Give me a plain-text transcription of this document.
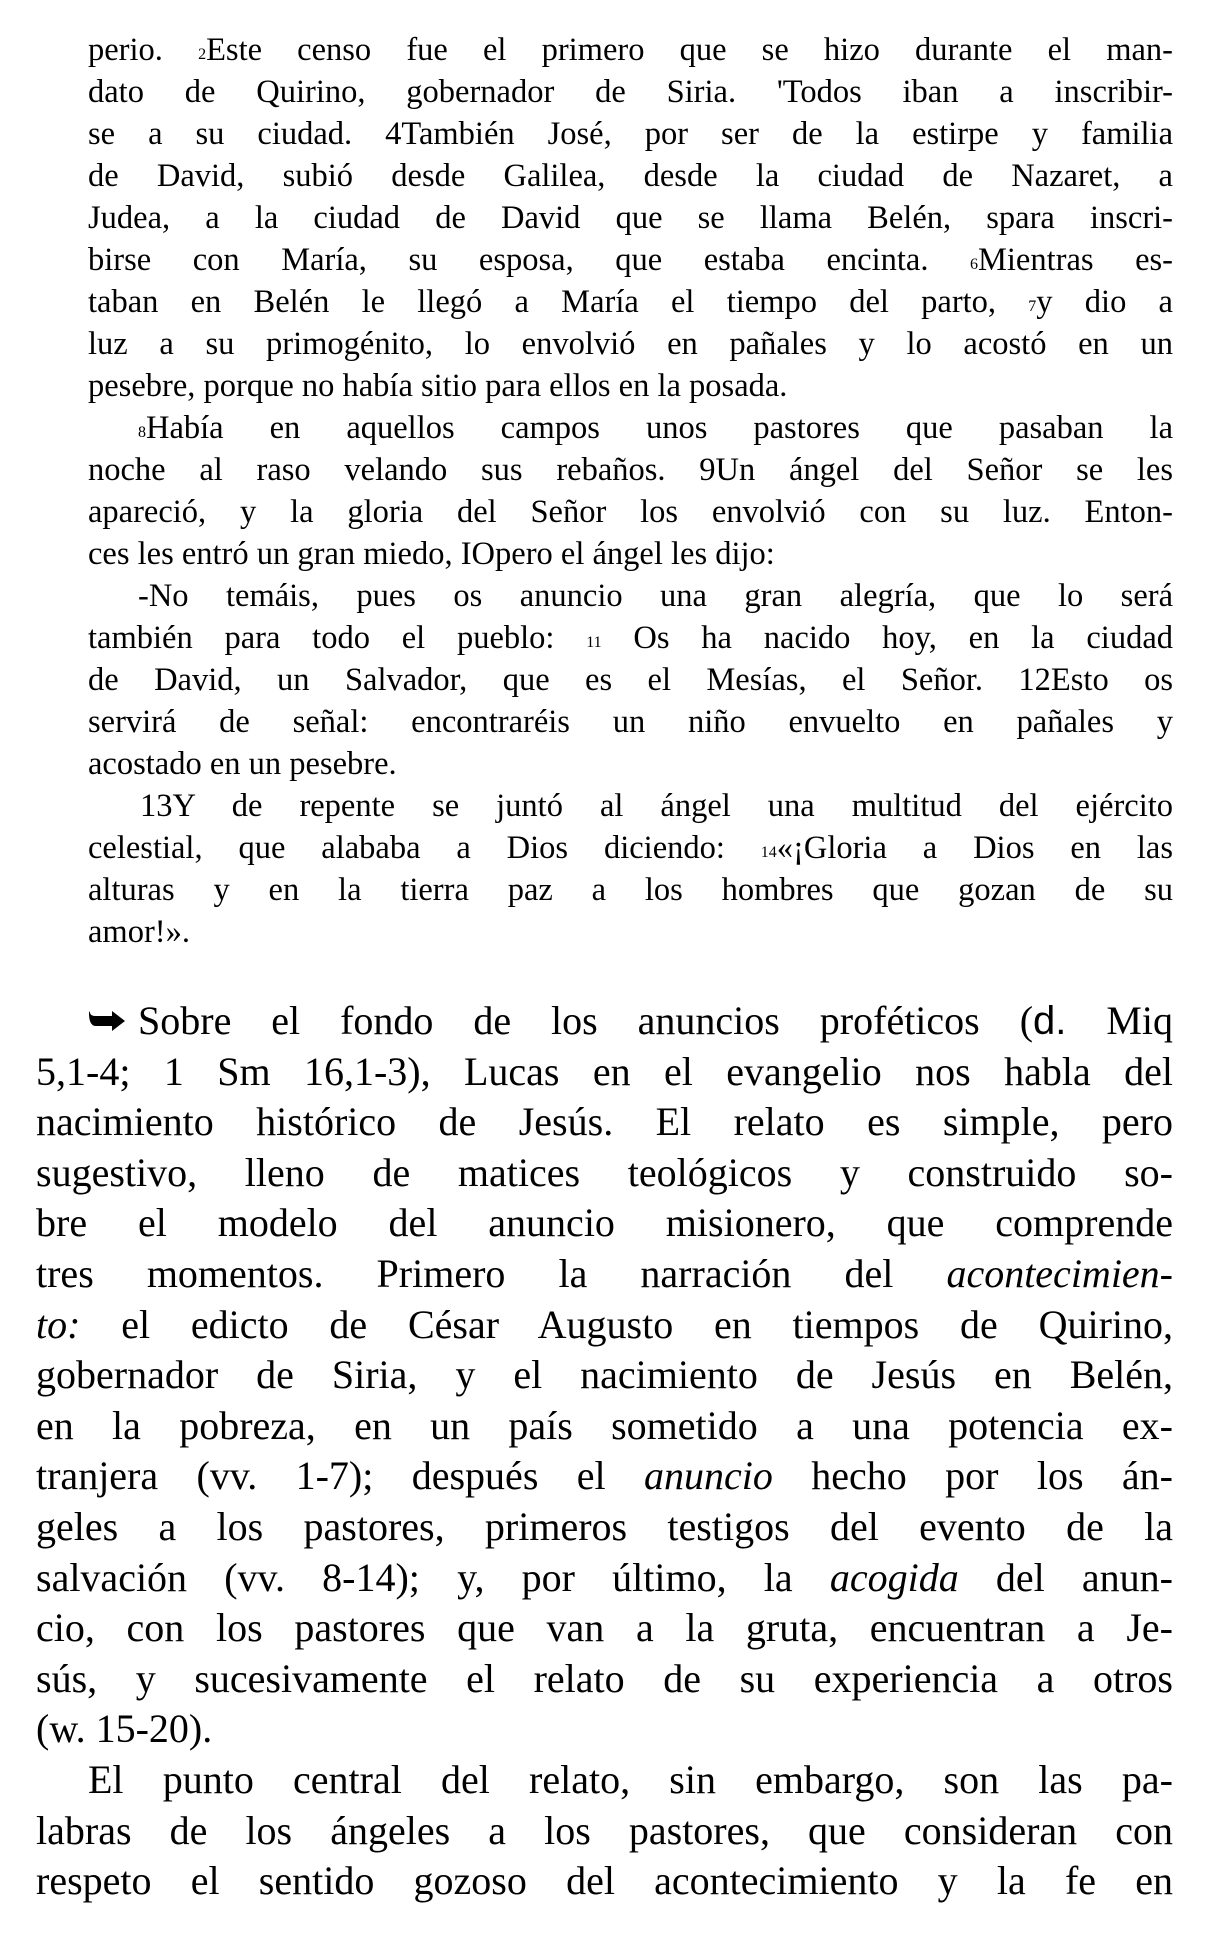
perio. 2Este censo fue el primero que se hizo durante el man-
dato de Quirino, gobernador de Siria. 'Todos iban a inscribir-
se a su ciudad. 4También José, por ser de la estirpe y familia
de David, subió desde Galilea, desde la ciudad de Nazaret, a
Judea, a la ciudad de David que se llama Belén, spara inscri-
birse con María, su esposa, que estaba encinta. 6Mientras es-
taban en Belén le llegó a María el tiempo del parto, 7y dio a
luz a su primogénito, lo envolvió en pañales y lo acostó en un
pesebre, porque no había sitio para ellos en la posada.
8Había en aquellos campos unos pastores que pasaban la
noche al raso velando sus rebaños. 9Un ángel del Señor se les
apareció, y la gloria del Señor los envolvió con su luz. Enton-
ces les entró un gran miedo, IOpero el ángel les dijo:
-No temáis, pues os anuncio una gran alegría, que lo será
también para todo el pueblo: 11 Os ha nacido hoy, en la ciudad
de David, un Salvador, que es el Mesías, el Señor. 12Esto os
servirá de señal: encontraréis un niño envuelto en pañales y
acostado en un pesebre.
13Y de repente se juntó al ángel una multitud del ejército
celestial, que alababa a Dios diciendo: 14«¡Gloria a Dios en las
alturas y en la tierra paz a los hombres que gozan de su
amor!».
Sobre el fondo de los anuncios proféticos (d. Miq
5,1-4; 1 Sm 16,1-3), Lucas en el evangelio nos habla del
nacimiento histórico de Jesús. El relato es simple, pero
sugestivo, lleno de matices teológicos y construido so-
bre el modelo del anuncio misionero, que comprende
tres momentos. Primero la narración del acontecimien-
to: el edicto de César Augusto en tiempos de Quirino,
gobernador de Siria, y el nacimiento de Jesús en Belén,
en la pobreza, en un país sometido a una potencia ex-
tranjera (vv. 1-7); después el anuncio hecho por los án-
geles a los pastores, primeros testigos del evento de la
salvación (vv. 8-14); y, por último, la acogida del anun-
cio, con los pastores que van a la gruta, encuentran a Je-
sús, y sucesivamente el relato de su experiencia a otros
(w. 15-20).
El punto central del relato, sin embargo, son las pa-
labras de los ángeles a los pastores, que consideran con
respeto el sentido gozoso del acontecimiento y la fe en
